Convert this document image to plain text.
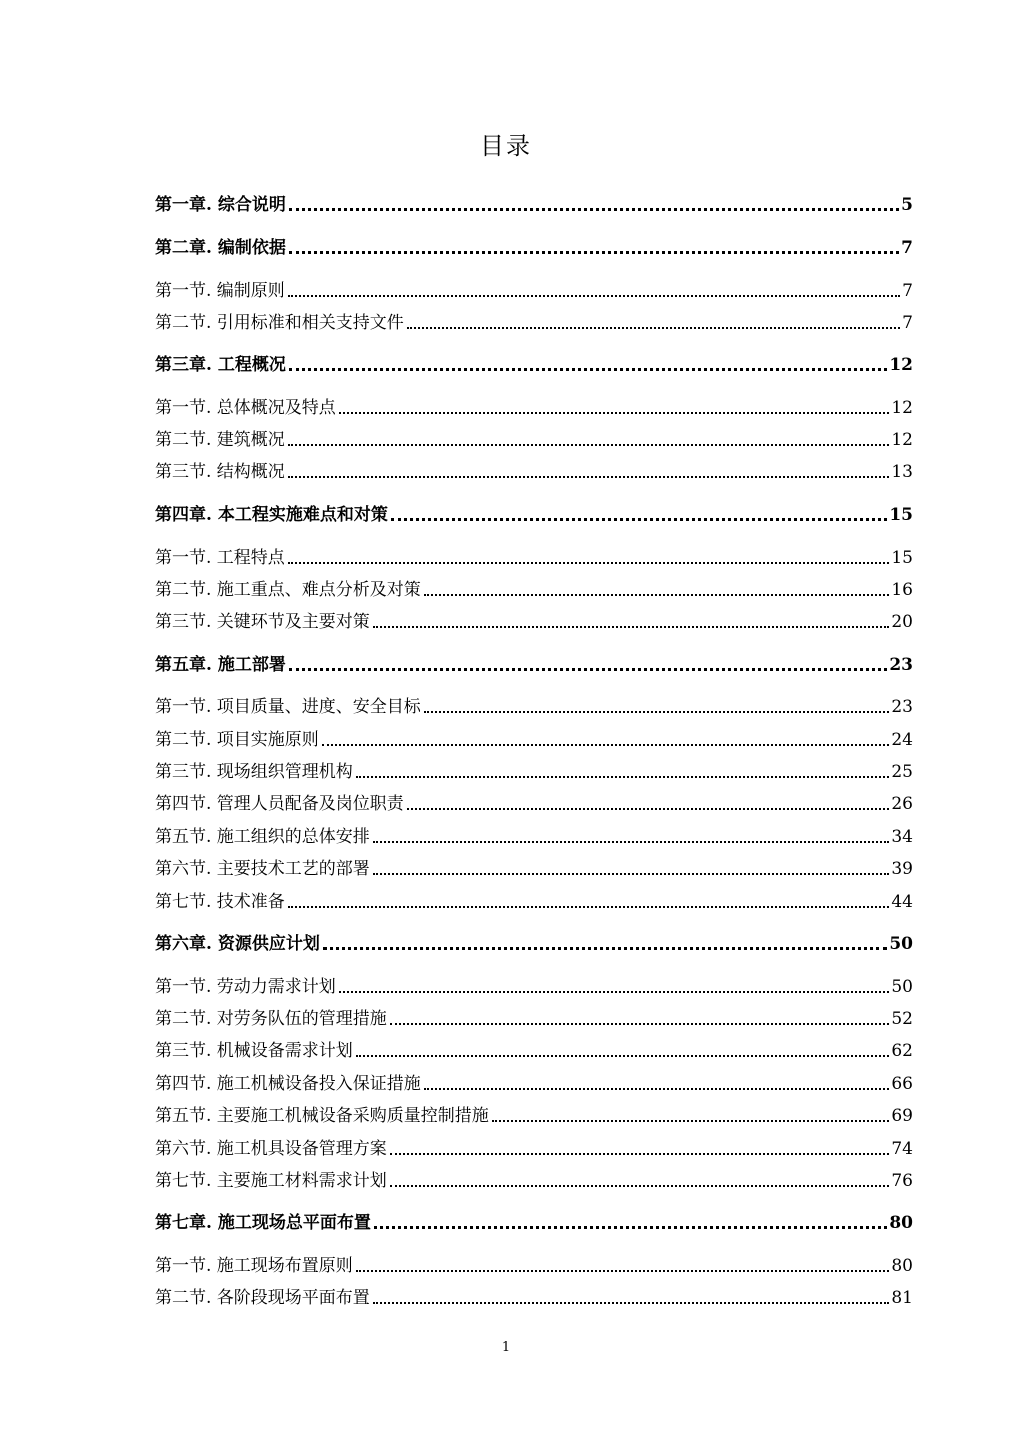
目录
第一章. 综合说明	5
第二章. 编制依据	7
第一节. 编制原则	7
第二节. 引用标准和相关支持文件	7
第三章. 工程概况	12
第一节. 总体概况及特点	12
第二节. 建筑概况	12
第三节. 结构概况	13
第四章. 本工程实施难点和对策	15
第一节. 工程特点	15
第二节. 施工重点、难点分析及对策	16
第三节. 关键环节及主要对策	20
第五章. 施工部署	23
第一节. 项目质量、进度、安全目标	23
第二节. 项目实施原则	24
第三节. 现场组织管理机构	25
第四节. 管理人员配备及岗位职责	26
第五节. 施工组织的总体安排	34
第六节. 主要技术工艺的部署	39
第七节. 技术准备	44
第六章. 资源供应计划	50
第一节. 劳动力需求计划	50
第二节. 对劳务队伍的管理措施	52
第三节. 机械设备需求计划	62
第四节. 施工机械设备投入保证措施	66
第五节. 主要施工机械设备采购质量控制措施	69
第六节. 施工机具设备管理方案	74
第七节. 主要施工材料需求计划	76
第七章. 施工现场总平面布置	80
第一节. 施工现场布置原则	80
第二节. 各阶段现场平面布置	81
1
